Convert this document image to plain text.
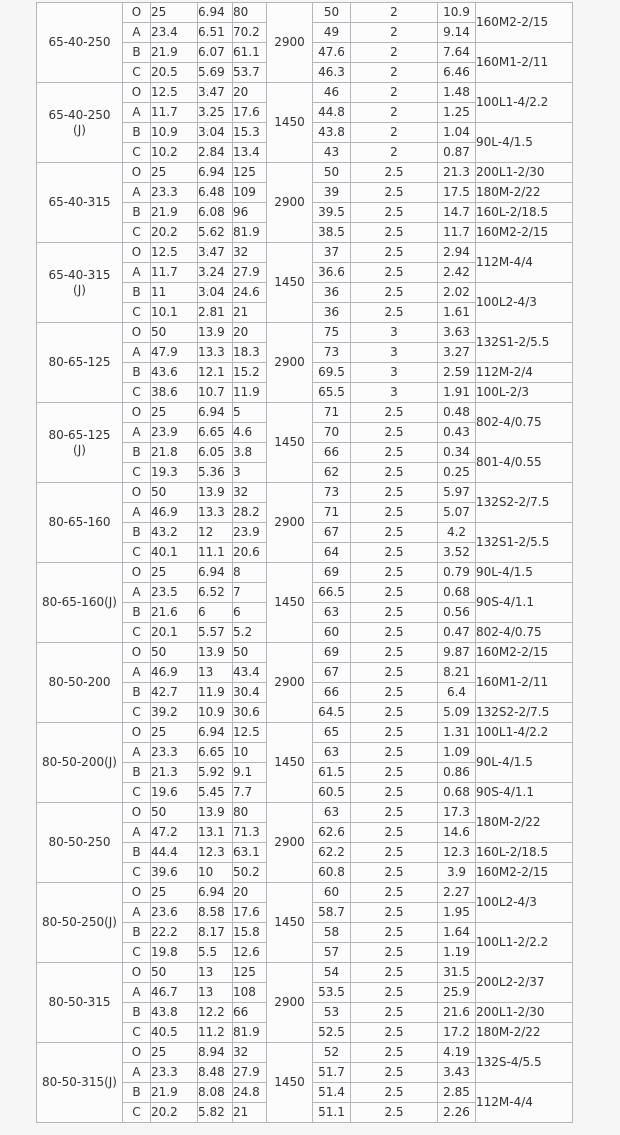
65-40-250	O	25	6.94	80	2900	50	2	10.9	160M2-2/15
	A	23.4	6.51	70.2		49	2	9.14	
	B	21.9	6.07	61.1		47.6	2	7.64	160M1-2/11
	C	20.5	5.69	53.7		46.3	2	6.46	

65-40-250
(J)	O	12.5	3.47	20	1450	46	2	1.48	100L1-4/2.2
	A	11.7	3.25	17.6		44.8	2	1.25	
	B	10.9	3.04	15.3		43.8	2	1.04	90L-4/1.5
	C	10.2	2.84	13.4		43	2	0.87	

65-40-315	O	25	6.94	125	2900	50	2.5	21.3	200L1-2/30
	A	23.3	6.48	109		39	2.5	17.5	180M-2/22
	B	21.9	6.08	96		39.5	2.5	14.7	160L-2/18.5
	C	20.2	5.62	81.9		38.5	2.5	11.7	160M2-2/15

65-40-315
(J)	O	12.5	3.47	32	1450	37	2.5	2.94	112M-4/4
	A	11.7	3.24	27.9		36.6	2.5	2.42	
	B	11	3.04	24.6		36	2.5	2.02	100L2-4/3
	C	10.1	2.81	21		36	2.5	1.61	

80-65-125	O	50	13.9	20	2900	75	3	3.63	132S1-2/5.5
	A	47.9	13.3	18.3		73	3	3.27	
	B	43.6	12.1	15.2		69.5	3	2.59	112M-2/4
	C	38.6	10.7	11.9		65.5	3	1.91	100L-2/3

80-65-125
(J)	O	25	6.94	5	1450	71	2.5	0.48	802-4/0.75
	A	23.9	6.65	4.6		70	2.5	0.43	
	B	21.8	6.05	3.8		66	2.5	0.34	801-4/0.55
	C	19.3	5.36	3		62	2.5	0.25	

80-65-160	O	50	13.9	32	2900	73	2.5	5.97	132S2-2/7.5
	A	46.9	13.3	28.2		71	2.5	5.07	
	B	43.2	12	23.9		67	2.5	4.2	132S1-2/5.5
	C	40.1	11.1	20.6		64	2.5	3.52	

80-65-160(J)	O	25	6.94	8	1450	69	2.5	0.79	90L-4/1.5
	A	23.5	6.52	7		66.5	2.5	0.68	90S-4/1.1
	B	21.6	6	6		63	2.5	0.56	
	C	20.1	5.57	5.2		60	2.5	0.47	802-4/0.75

80-50-200	O	50	13.9	50	2900	69	2.5	9.87	160M2-2/15
	A	46.9	13	43.4		67	2.5	8.21	160M1-2/11
	B	42.7	11.9	30.4		66	2.5	6.4	
	C	39.2	10.9	30.6		64.5	2.5	5.09	132S2-2/7.5

80-50-200(J)	O	25	6.94	12.5	1450	65	2.5	1.31	100L1-4/2.2
	A	23.3	6.65	10		63	2.5	1.09	90L-4/1.5
	B	21.3	5.92	9.1		61.5	2.5	0.86	
	C	19.6	5.45	7.7		60.5	2.5	0.68	90S-4/1.1

80-50-250	O	50	13.9	80	2900	63	2.5	17.3	180M-2/22
	A	47.2	13.1	71.3		62.6	2.5	14.6	
	B	44.4	12.3	63.1		62.2	2.5	12.3	160L-2/18.5
	C	39.6	10	50.2		60.8	2.5	3.9	160M2-2/15

80-50-250(J)	O	25	6.94	20	1450	60	2.5	2.27	100L2-4/3
	A	23.6	8.58	17.6		58.7	2.5	1.95	
	B	22.2	8.17	15.8		58	2.5	1.64	100L1-2/2.2
	C	19.8	5.5	12.6		57	2.5	1.19	

80-50-315	O	50	13	125	2900	54	2.5	31.5	200L2-2/37
	A	46.7	13	108		53.5	2.5	25.9	
	B	43.8	12.2	66		53	2.5	21.6	200L1-2/30
	C	40.5	11.2	81.9		52.5	2.5	17.2	180M-2/22

80-50-315(J)	O	25	8.94	32	1450	52	2.5	4.19	132S-4/5.5
	A	23.3	8.48	27.9		51.7	2.5	3.43	
	B	21.9	8.08	24.8		51.4	2.5	2.85	112M-4/4
	C	20.2	5.82	21		51.1	2.5	2.26	
